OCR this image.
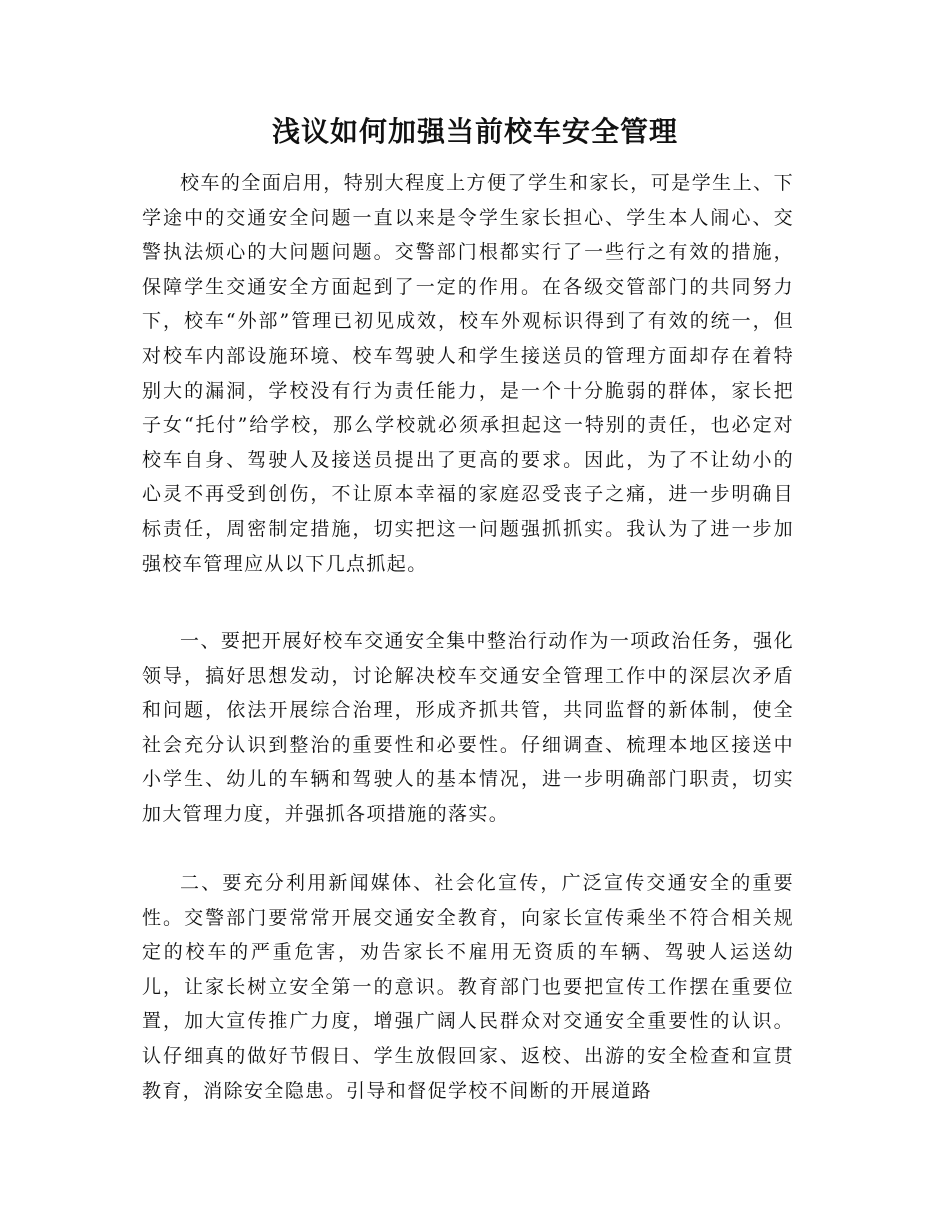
浅议如何加强当前校车安全管理

校车的全面启用，特别大程度上方便了学生和家长，可是学生上、下学途中的交通安全问题一直以来是令学生家长担心、学生本人闹心、交警执法烦心的大问题问题。交警部门根都实行了一些行之有效的措施，保障学生交通安全方面起到了一定的作用。在各级交管部门的共同努力下，校车“外部”管理已初见成效，校车外观标识得到了有效的统一，但对校车内部设施环境、校车驾驶人和学生接送员的管理方面却存在着特别大的漏洞，学校没有行为责任能力，是一个十分脆弱的群体，家长把子女“托付”给学校，那么学校就必须承担起这一特别的责任，也必定对校车自身、驾驶人及接送员提出了更高的要求。因此，为了不让幼小的心灵不再受到创伤，不让原本幸福的家庭忍受丧子之痛，进一步明确目标责任，周密制定措施，切实把这一问题强抓抓实。我认为了进一步加强校车管理应从以下几点抓起。

一、要把开展好校车交通安全集中整治行动作为一项政治任务，强化领导，搞好思想发动，讨论解决校车交通安全管理工作中的深层次矛盾和问题，依法开展综合治理，形成齐抓共管，共同监督的新体制，使全社会充分认识到整治的重要性和必要性。仔细调查、梳理本地区接送中小学生、幼儿的车辆和驾驶人的基本情况，进一步明确部门职责，切实加大管理力度，并强抓各项措施的落实。

二、要充分利用新闻媒体、社会化宣传，广泛宣传交通安全的重要性。交警部门要常常开展交通安全教育，向家长宣传乘坐不符合相关规定的校车的严重危害，劝告家长不雇用无资质的车辆、驾驶人运送幼儿，让家长树立安全第一的意识。教育部门也要把宣传工作摆在重要位置，加大宣传推广力度，增强广阔人民群众对交通安全重要性的认识。认仔细真的做好节假日、学生放假回家、返校、出游的安全检查和宣贯教育，消除安全隐患。引导和督促学校不间断的开展道路
